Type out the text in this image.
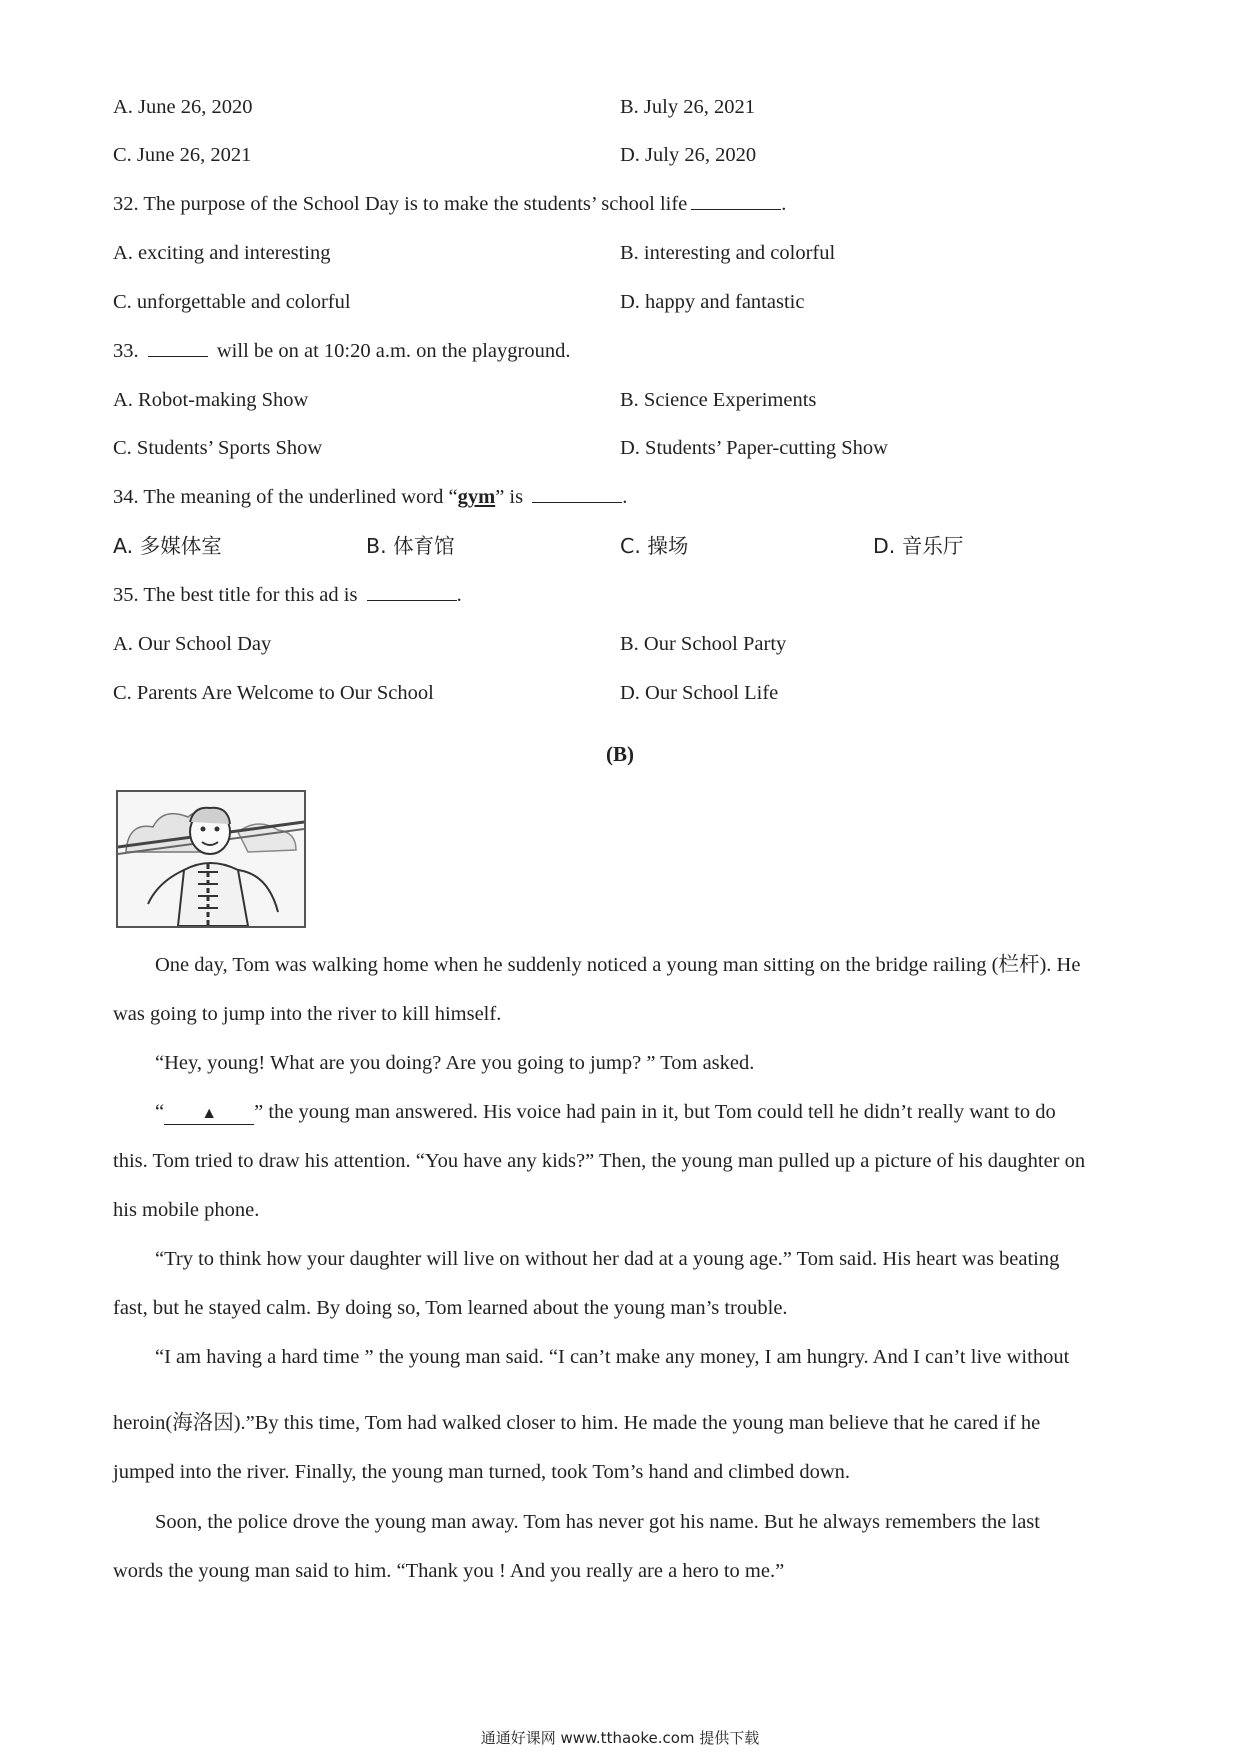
A. June 26, 2020	B. July 26, 2021
C. June 26, 2021	D. July 26, 2020
32. The purpose of the School Day is to make the students’ school life	.
A. exciting and interesting	B. interesting and colorful
C. unforgettable and colorful	D. happy and fantastic
33.	will be on at 10:20 a.m. on the playground.
A. Robot-making Show	B. Science Experiments
C. Students’ Sports Show	D. Students’ Paper-cutting Show
34. The meaning of the underlined word “gym” is	.
A. 多媒体室	B. 体育馆	C. 操场	D. 音乐厅
35. The best title for this ad is	.
A. Our School Day	B. Our School Party
C. Parents Are Welcome to Our School	D. Our School Life
(B)
One day, Tom was walking home when he suddenly noticed a young man sitting on the bridge railing (栏杆). He
was going to jump into the river to kill himself.
“Hey, young! What are you doing? Are you going to jump? ” Tom asked.
“ ▲ ” the young man answered. His voice had pain in it, but Tom could tell he didn’t really want to do
this. Tom tried to draw his attention. “You have any kids?” Then, the young man pulled up a picture of his daughter on
his mobile phone.
“Try to think how your daughter will live on without her dad at a young age.” Tom said. His heart was beating
fast, but he stayed calm. By doing so, Tom learned about the young man’s trouble.
“I am having a hard time ” the young man said. “I can’t make any money, I am hungry. And I can’t live without
heroin(海洛因).”By this time, Tom had walked closer to him. He made the young man believe that he cared if he
jumped into the river. Finally, the young man turned, took Tom’s hand and climbed down.
Soon, the police drove the young man away. Tom has never got his name. But he always remembers the last
words the young man said to him. “Thank you ! And you really are a hero to me.”
通通好课网 www.tthaoke.com 提供下载
